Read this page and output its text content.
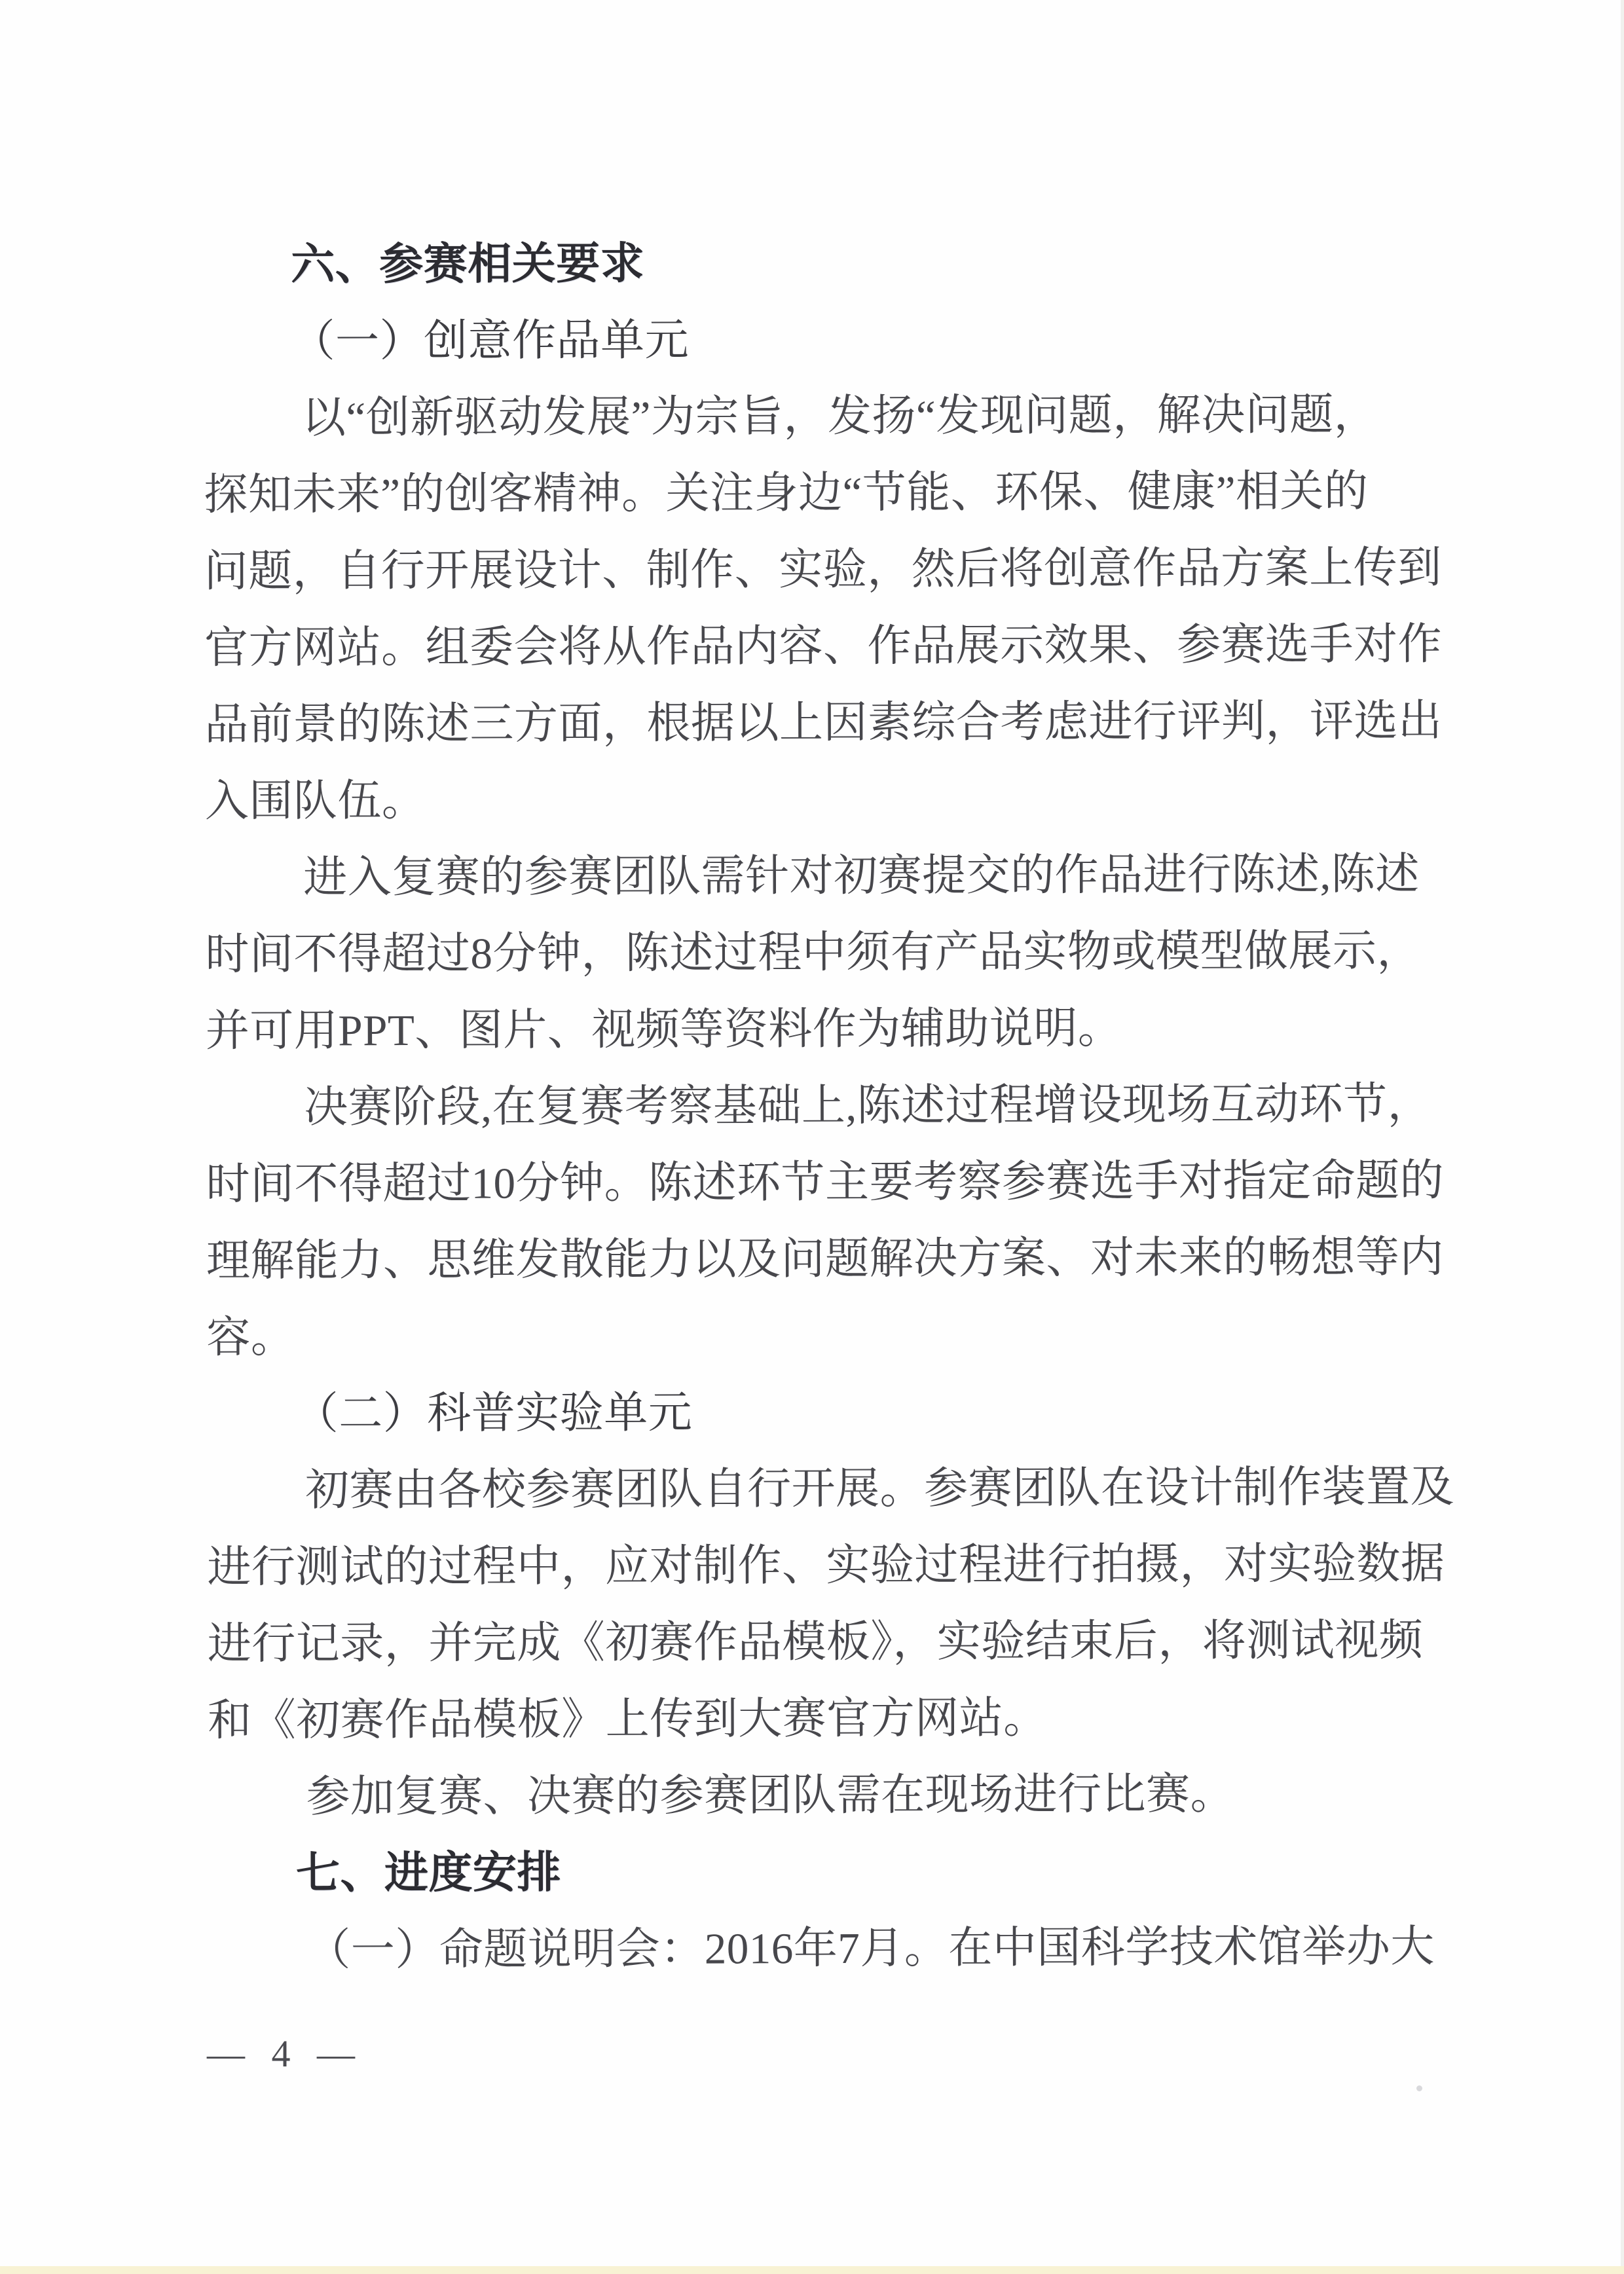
六、参赛相关要求
（一）创意作品单元
以“创新驱动发展”为宗旨，发扬“发现问题，解决问题，
探知未来”的创客精神。关注身边“节能、环保、健康”相关的
问题，自行开展设计、制作、实验，然后将创意作品方案上传到
官方网站。组委会将从作品内容、作品展示效果、参赛选手对作
品前景的陈述三方面，根据以上因素综合考虑进行评判，评选出
入围队伍。
进入复赛的参赛团队需针对初赛提交的作品进行陈述,陈述
时间不得超过8分钟，陈述过程中须有产品实物或模型做展示，
并可用PPT、图片、视频等资料作为辅助说明。
决赛阶段,在复赛考察基础上,陈述过程增设现场互动环节，
时间不得超过10分钟。陈述环节主要考察参赛选手对指定命题的
理解能力、思维发散能力以及问题解决方案、对未来的畅想等内
容。
（二）科普实验单元
初赛由各校参赛团队自行开展。参赛团队在设计制作装置及
进行测试的过程中，应对制作、实验过程进行拍摄，对实验数据
进行记录，并完成《初赛作品模板》，实验结束后，将测试视频
和《初赛作品模板》上传到大赛官方网站。
参加复赛、决赛的参赛团队需在现场进行比赛。
七、进度安排
（一）命题说明会：2016年7月。在中国科学技术馆举办大
— 4 —
